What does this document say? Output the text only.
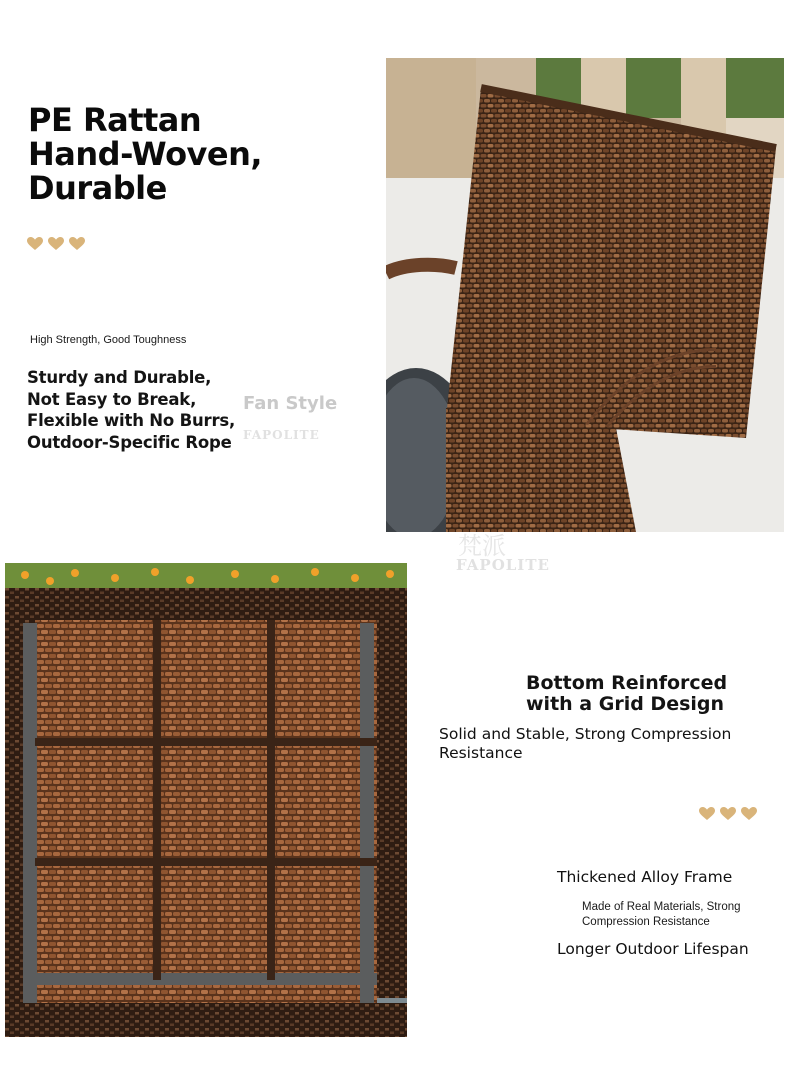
PE Rattan
Hand-Woven,
Durable
High Strength, Good Toughness
Sturdy and Durable,
Not Easy to Break,
Flexible with No Burrs,
Outdoor-Specific Rope
Fan Style
FAPOLITE
梵派
FAPOLITE
Bottom Reinforced
with a Grid Design
Solid and Stable, Strong Compression Resistance
Thickened Alloy Frame
Made of Real Materials, Strong Compression Resistance
Longer Outdoor Lifespan
